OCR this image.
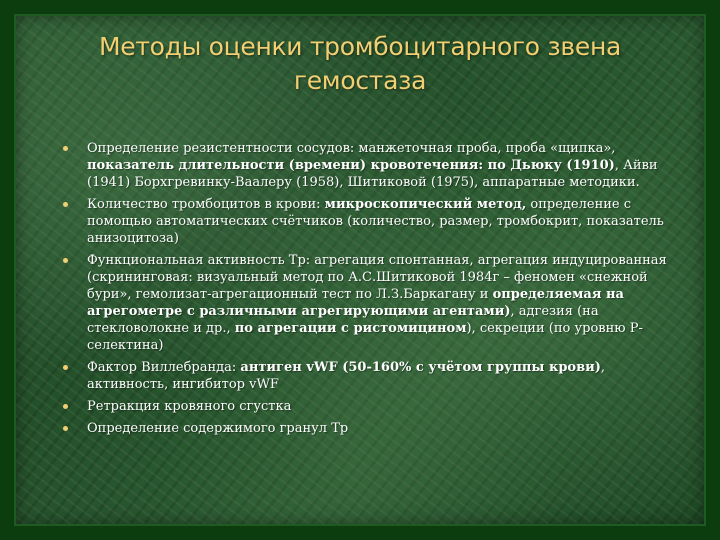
Методы оценки тромбоцитарного звена
гемостаза
Определение резистентности сосудов: манжеточная проба, проба «щипка», показатель длительности (времени) кровотечения: по Дьюку (1910), Айви (1941) Борхгревинку-Ваалеру (1958), Шитиковой (1975), аппаратные методики.
Количество тромбоцитов в крови: микроскопический метод, определение с помощью автоматических счётчиков (количество, размер, тромбокрит, показатель анизоцитоза)
Функциональная активность Тр: агрегация спонтанная, агрегация индуцированная (скрининговая: визуальный метод по А.С.Шитиковой 1984г – феномен «снежной бури», гемолизат-агрегационный тест по Л.З.Баркагану и определяемая на агрегометре с различными агрегирующими агентами), адгезия (на стекловолокне и др., по агрегации с ристомицином), секреции (по уровню Р-селектина)
Фактор Виллебранда: антиген vWF (50-160% с учётом группы крови), активность, ингибитор vWF
Ретракция кровяного сгустка
Определение содержимого гранул Тр
